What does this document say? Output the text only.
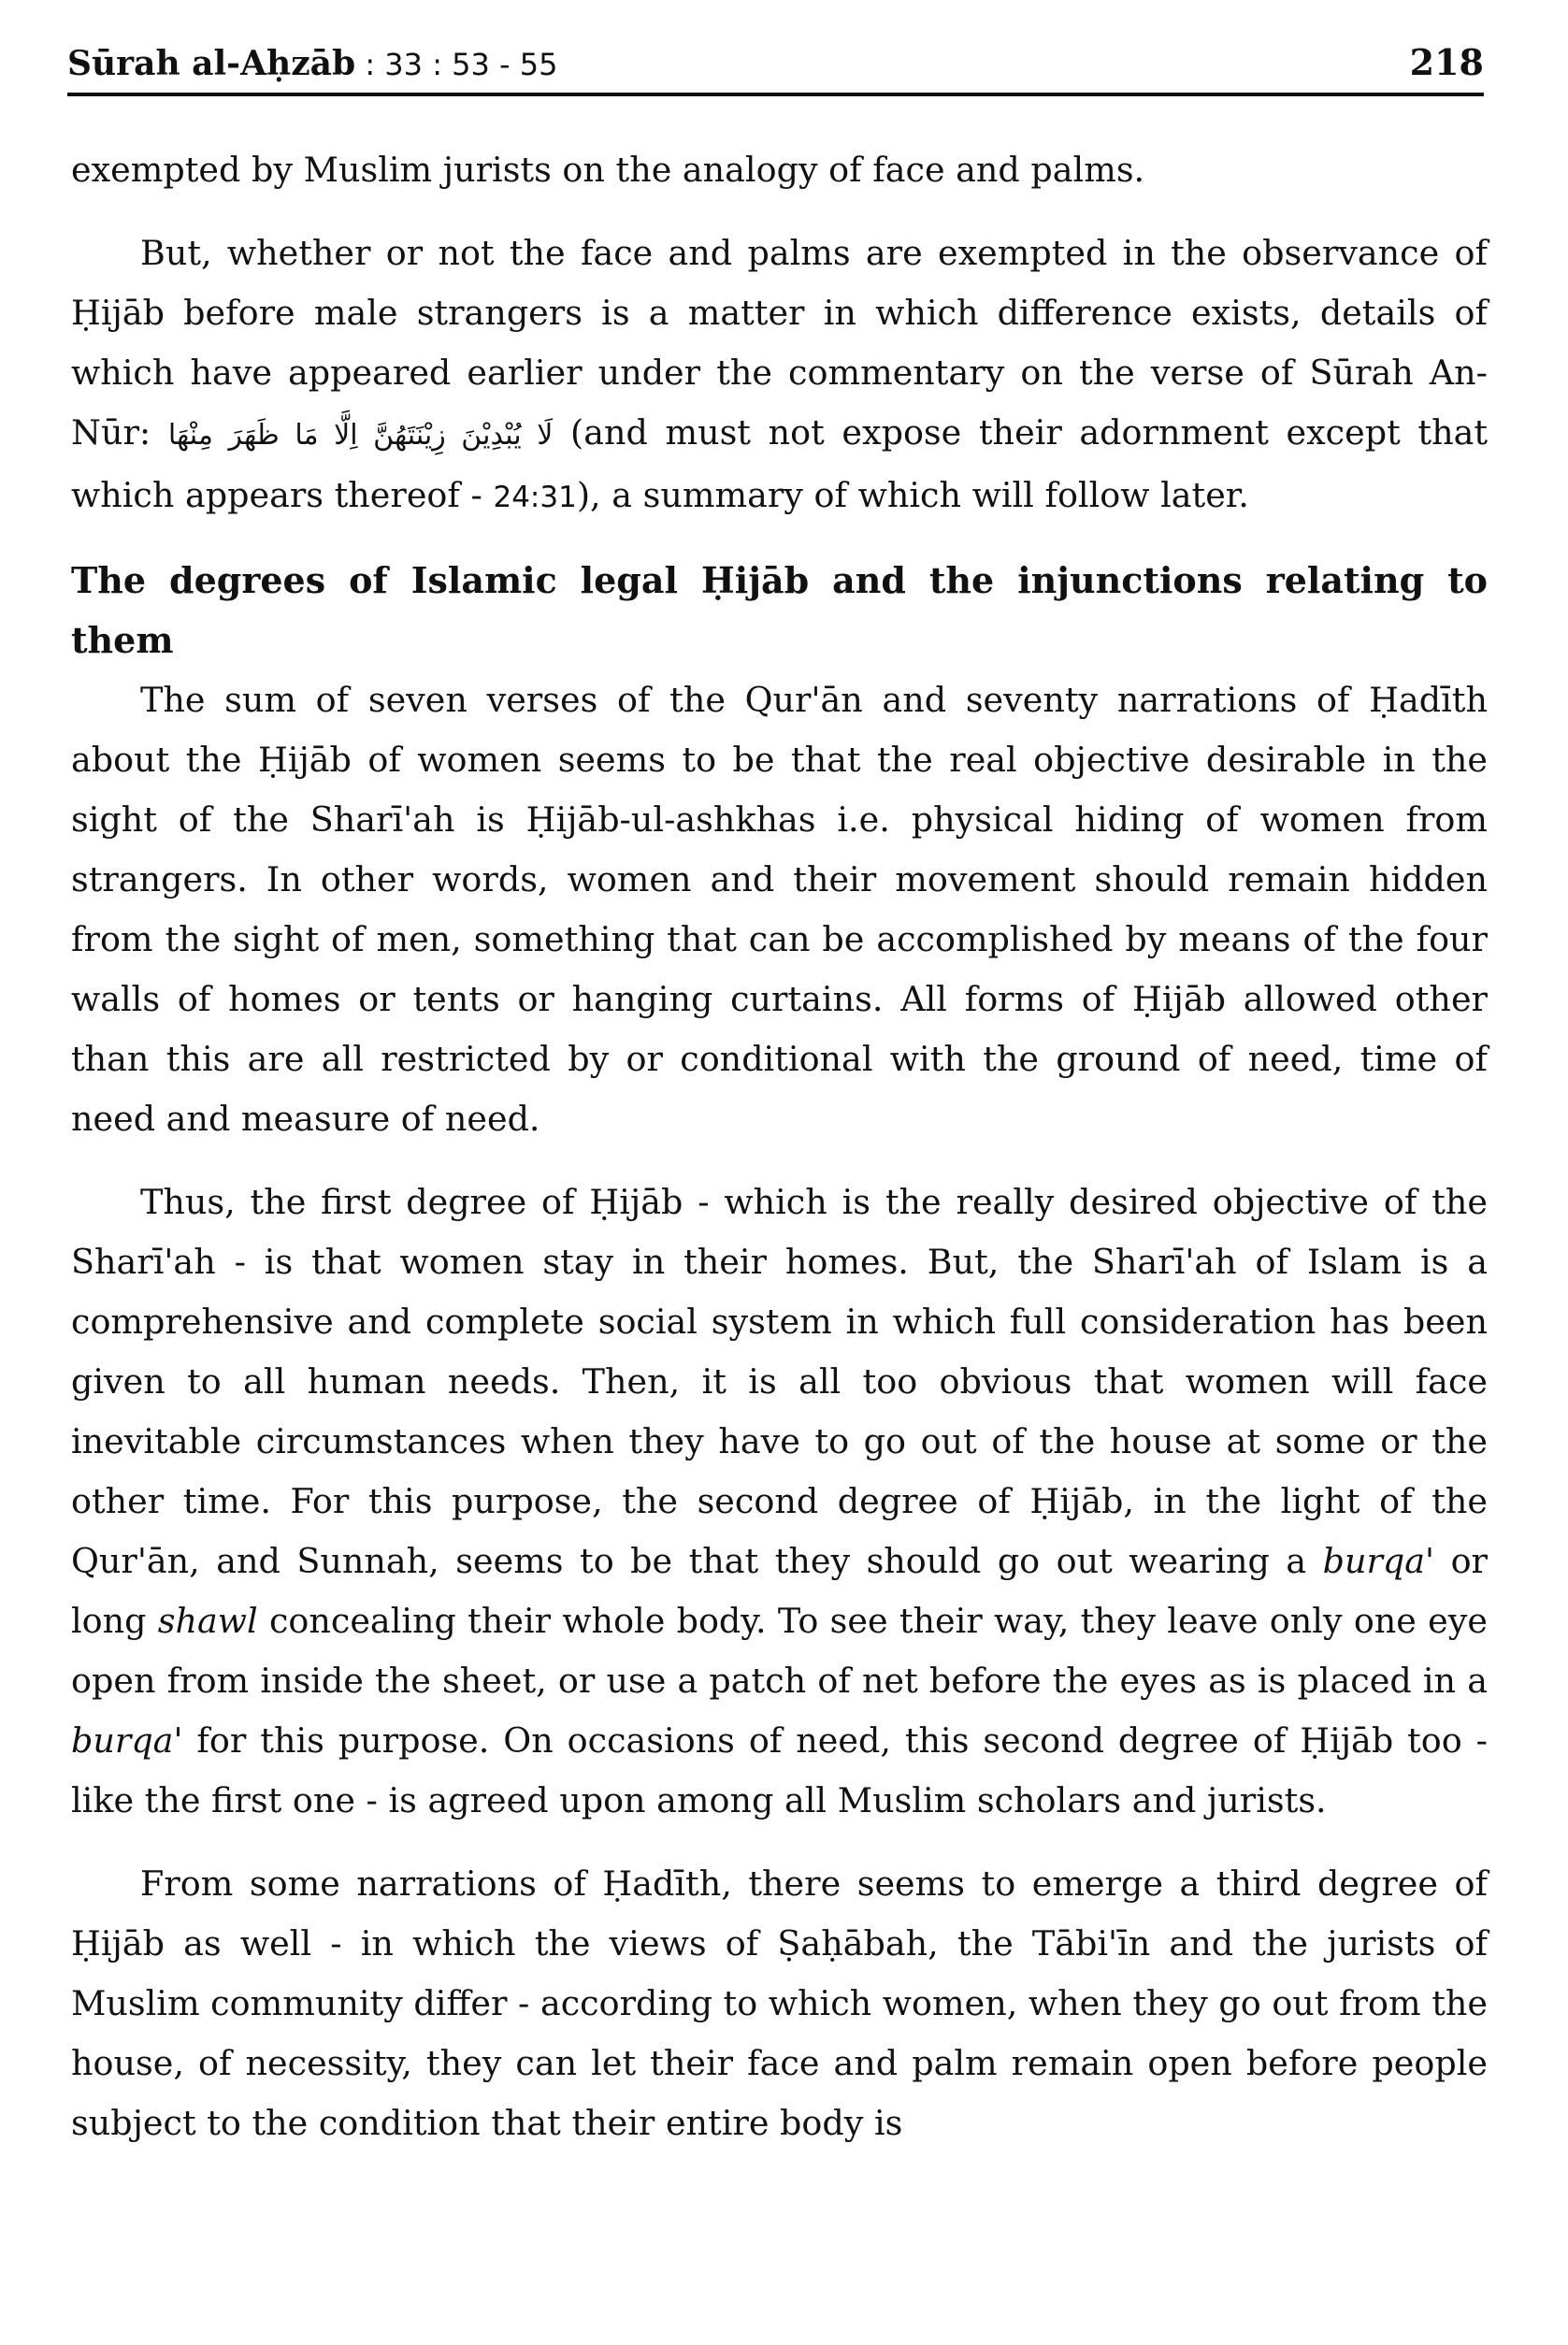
Sūrah al-Aḥzāb : 33 : 53 - 55	218

exempted by Muslim jurists on the analogy of face and palms.

But, whether or not the face and palms are exempted in the observance of Ḥijāb before male strangers is a matter in which difference exists, details of which have appeared earlier under the commentary on the verse of Sūrah An-Nūr: لَا يُبْدِيْنَ زِيْنَتَهُنَّ اِلَّا مَا ظَهَرَ مِنْهَا (and must not expose their adornment except that which appears thereof - 24:31), a summary of which will follow later.

The degrees of Islamic legal Ḥijāb and the injunctions relating to them

The sum of seven verses of the Qur'ān and seventy narrations of Ḥadīth about the Ḥijāb of women seems to be that the real objective desirable in the sight of the Sharī'ah is Ḥijāb-ul-ashkhas i.e. physical hiding of women from strangers. In other words, women and their movement should remain hidden from the sight of men, something that can be accomplished by means of the four walls of homes or tents or hanging curtains. All forms of Ḥijāb allowed other than this are all restricted by or conditional with the ground of need, time of need and measure of need.

Thus, the first degree of Ḥijāb - which is the really desired objective of the Sharī'ah - is that women stay in their homes. But, the Sharī'ah of Islam is a comprehensive and complete social system in which full consideration has been given to all human needs. Then, it is all too obvious that women will face inevitable circumstances when they have to go out of the house at some or the other time. For this purpose, the second degree of Ḥijāb, in the light of the Qur'ān, and Sunnah, seems to be that they should go out wearing a burqa' or long shawl concealing their whole body. To see their way, they leave only one eye open from inside the sheet, or use a patch of net before the eyes as is placed in a burqa' for this purpose. On occasions of need, this second degree of Ḥijāb too - like the first one - is agreed upon among all Muslim scholars and jurists.

From some narrations of Ḥadīth, there seems to emerge a third degree of Ḥijāb as well - in which the views of Ṣaḥābah, the Tābi'īn and the jurists of Muslim community differ - according to which women, when they go out from the house, of necessity, they can let their face and palm remain open before people subject to the condition that their entire body is
